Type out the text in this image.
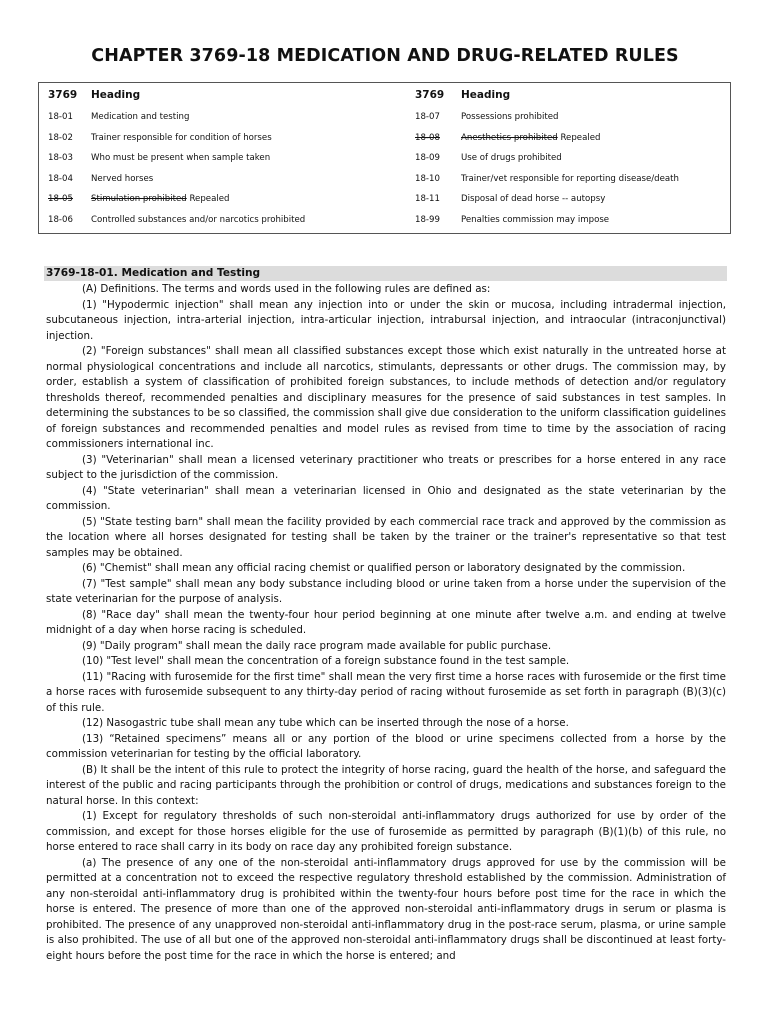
CHAPTER 3769-18 MEDICATION AND DRUG-RELATED RULES
3769 Heading	3769 Heading
18-01 Medication and testing	18-07 Possessions prohibited
18-02 Trainer responsible for condition of horses	18-08 Anesthetics prohibited Repealed
18-03 Who must be present when sample taken	18-09 Use of drugs prohibited
18-04 Nerved horses	18-10 Trainer/vet responsible for reporting disease/death
18-05 Stimulation prohibited Repealed	18-11 Disposal of dead horse -- autopsy
18-06 Controlled substances and/or narcotics prohibited	18-99 Penalties commission may impose
3769-18-01. Medication and Testing

(A) Definitions. The terms and words used in the following rules are defined as:

(1) "Hypodermic injection" shall mean any injection into or under the skin or mucosa, including intradermal injection, subcutaneous injection, intra-arterial injection, intra-articular injection, intrabursal injection, and intraocular (intraconjunctival) injection.

(2) "Foreign substances" shall mean all classified substances except those which exist naturally in the untreated horse at normal physiological concentrations and include all narcotics, stimulants, depressants or other drugs. The commission may, by order, establish a system of classification of prohibited foreign substances, to include methods of detection and/or regulatory thresholds thereof, recommended penalties and disciplinary measures for the presence of said substances in test samples. In determining the substances to be so classified, the commission shall give due consideration to the uniform classification guidelines of foreign substances and recommended penalties and model rules as revised from time to time by the association of racing commissioners international inc.

(3) "Veterinarian" shall mean a licensed veterinary practitioner who treats or prescribes for a horse entered in any race subject to the jurisdiction of the commission.

(4) "State veterinarian" shall mean a veterinarian licensed in Ohio and designated as the state veterinarian by the commission.

(5) "State testing barn" shall mean the facility provided by each commercial race track and approved by the commission as the location where all horses designated for testing shall be taken by the trainer or the trainer's representative so that test samples may be obtained.

(6) "Chemist" shall mean any official racing chemist or qualified person or laboratory designated by the commission.

(7) "Test sample" shall mean any body substance including blood or urine taken from a horse under the supervision of the state veterinarian for the purpose of analysis.

(8) "Race day" shall mean the twenty-four hour period beginning at one minute after twelve a.m. and ending at twelve midnight of a day when horse racing is scheduled.

(9) "Daily program" shall mean the daily race program made available for public purchase.

(10) "Test level" shall mean the concentration of a foreign substance found in the test sample.

(11) "Racing with furosemide for the first time" shall mean the very first time a horse races with furosemide or the first time a horse races with furosemide subsequent to any thirty-day period of racing without furosemide as set forth in paragraph (B)(3)(c) of this rule.

(12) Nasogastric tube shall mean any tube which can be inserted through the nose of a horse.

(13) “Retained specimens” means all or any portion of the blood or urine specimens collected from a horse by the commission veterinarian for testing by the official laboratory.

(B) It shall be the intent of this rule to protect the integrity of horse racing, guard the health of the horse, and safeguard the interest of the public and racing participants through the prohibition or control of drugs, medications and substances foreign to the natural horse. In this context:

(1) Except for regulatory thresholds of such non-steroidal anti-inflammatory drugs authorized for use by order of the commission, and except for those horses eligible for the use of furosemide as permitted by paragraph (B)(1)(b) of this rule, no horse entered to race shall carry in its body on race day any prohibited foreign substance.

(a) The presence of any one of the non-steroidal anti-inflammatory drugs approved for use by the commission will be permitted at a concentration not to exceed the respective regulatory threshold established by the commission. Administration of any non-steroidal anti-inflammatory drug is prohibited within the twenty-four hours before post time for the race in which the horse is entered. The presence of more than one of the approved non-steroidal anti-inflammatory drugs in serum or plasma is prohibited. The presence of any unapproved non-steroidal anti-inflammatory drug in the post-race serum, plasma, or urine sample is also prohibited. The use of all but one of the approved non-steroidal anti-inflammatory drugs shall be discontinued at least forty-eight hours before the post time for the race in which the horse is entered; and
